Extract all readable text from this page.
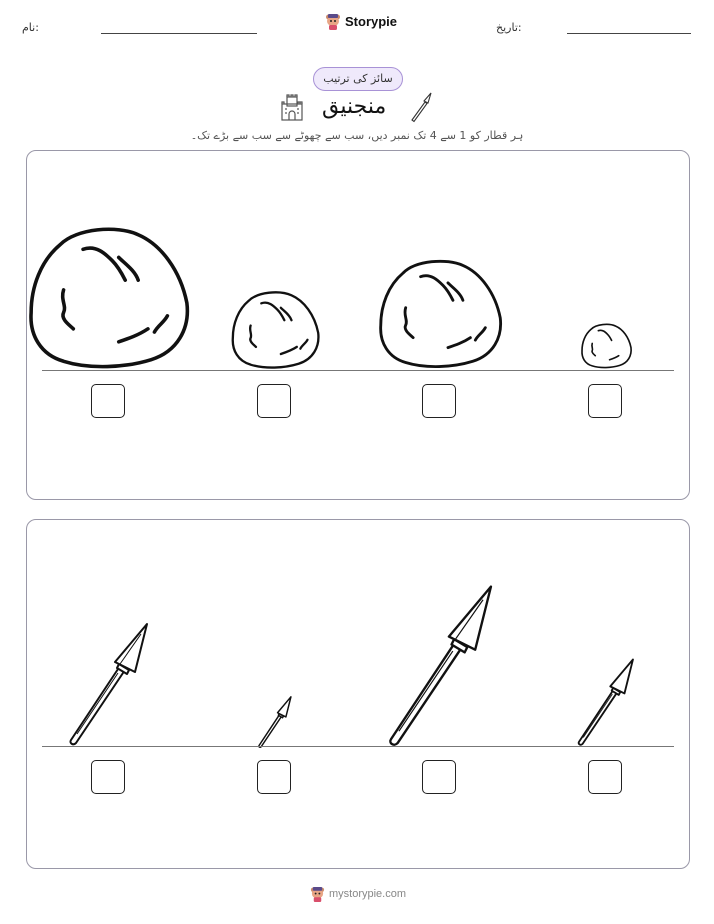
نام:	Storypie	تاریخ:
سائز کی ترتیب
منجنیق
ہر قطار کو 1 سے 4 تک نمبر دیں، سب سے چھوٹے سے سب سے بڑے تک۔
mystorypie.com
